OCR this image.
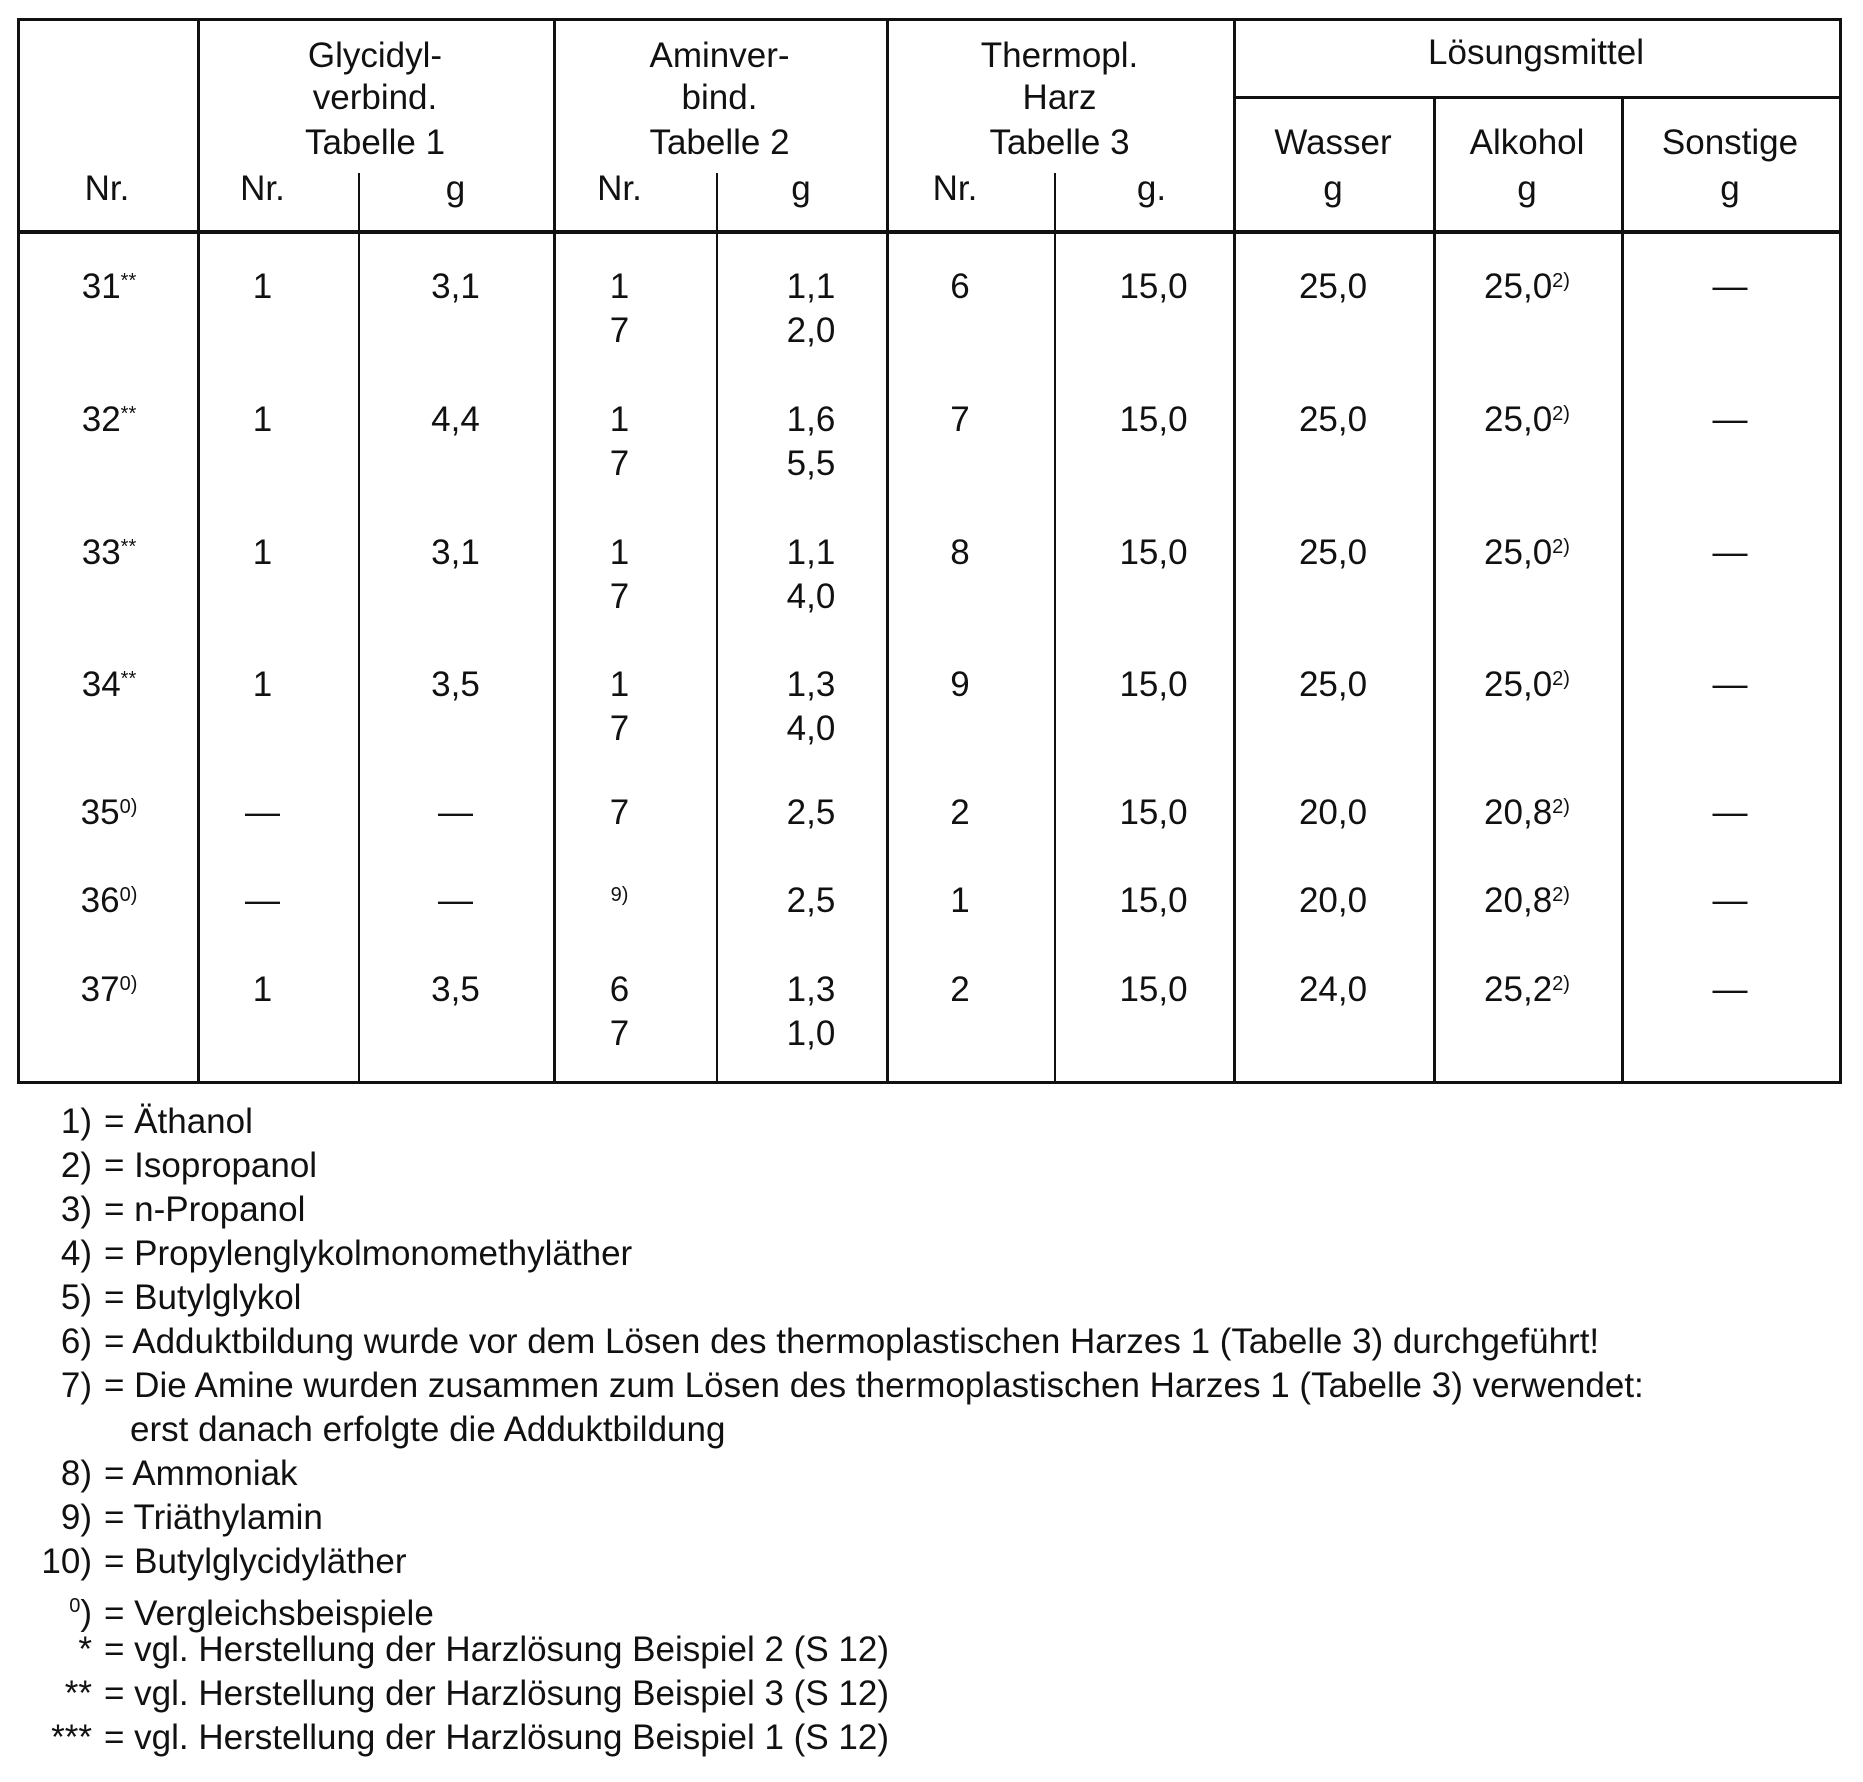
Nr.
Glycidyl-
verbind.
Tabelle 1
Aminver-
bind.
Tabelle 2
Thermopl.
Harz
Tabelle 3
Lösungsmittel
Wasser
g
Alkohol
g
Sonstige
g
Nr.	g	Nr.	g	Nr.	g.
31**	1	3,1	1
7
1,1
2,0
6	15,0	25,0	25,02)	—
32**	1	4,4	1
7
1,6
5,5
7	15,0	25,0	25,02)	—
33**	1	3,1	1
7
1,1
4,0
8	15,0	25,0	25,02)	—
34**	1	3,5	1
7
1,3
4,0
9	15,0	25,0	25,02)	—
350)	—	—	7	2,5	2	15,0	20,0	20,82)	—
360)	—	—	9)	2,5	1	15,0	20,0	20,82)	—
370)	1	3,5	6
7
1,3
1,0
2	15,0	24,0	25,22)	—
1) = Äthanol
2) = Isopropanol
3) = n-Propanol
4) = Propylenglykolmonomethyläther
5) = Butylglykol
6) = Adduktbildung wurde vor dem Lösen des thermoplastischen Harzes 1 (Tabelle 3) durchgeführt!
7) = Die Amine wurden zusammen zum Lösen des thermoplastischen Harzes 1 (Tabelle 3) verwendet:
erst danach erfolgte die Adduktbildung
8) = Ammoniak
9) = Triäthylamin
10) = Butylglycidyläther
0) = Vergleichsbeispiele
* = vgl. Herstellung der Harzlösung Beispiel 2 (S 12)
** = vgl. Herstellung der Harzlösung Beispiel 3 (S 12)
*** = vgl. Herstellung der Harzlösung Beispiel 1 (S 12)
